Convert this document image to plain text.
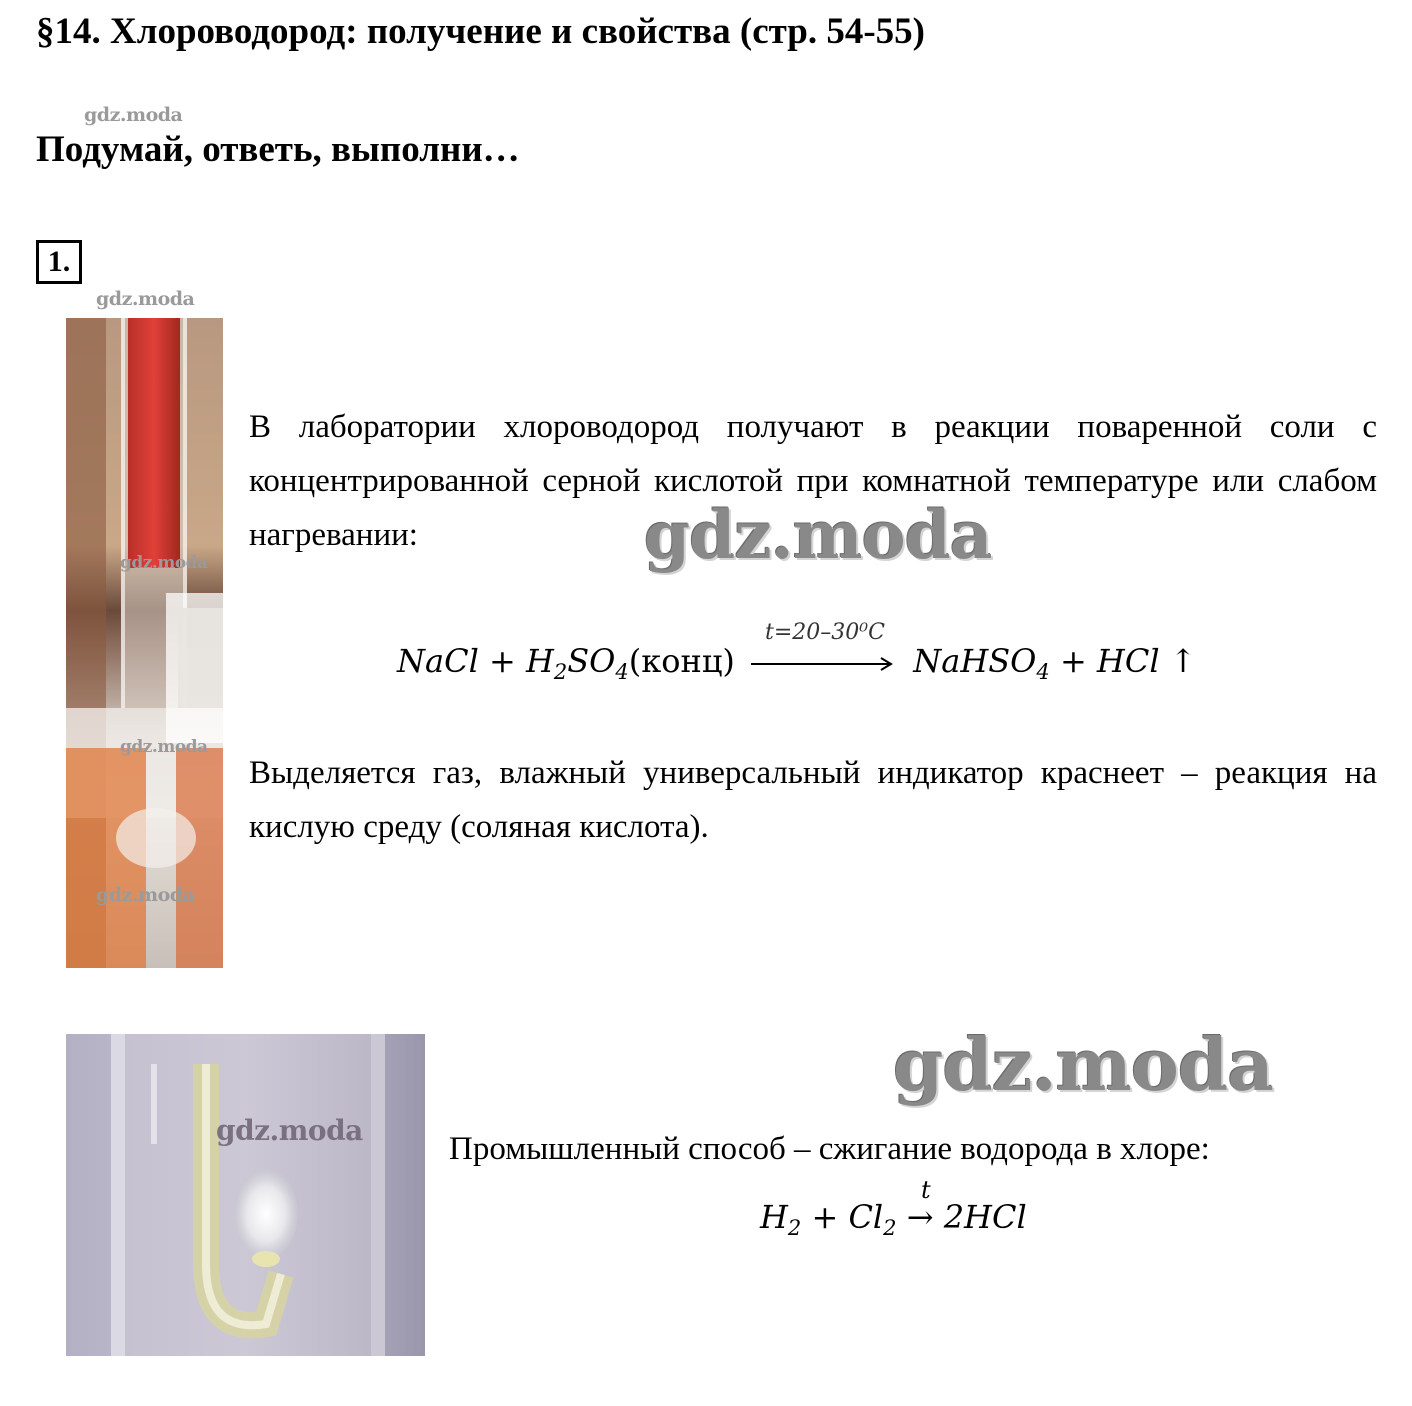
§14. Хлороводород: получение и свойства (стр. 54-55)
gdz.moda
Подумай, ответь, выполни…
1.
gdz.moda
gdz.moda
gdz.moda
gdz.moda
В лаборатории хлороводород получают в реакции поваренной соли с концентрированной серной кислотой при комнатной температуре или слабом нагревании:	gdz.moda
t=20–30⁰C
NaCl + $H_2SO_4(конц)$	NaHSO$_4$ + HCl ↑
Выделяется газ, влажный универсальный индикатор краснеет – реакция на кислую среду (соляная кислота).
gdz.moda
gdz.moda
Промышленный способ – сжигание водорода в хлоре:
t
$H_2 + Cl_2 \to 2HCl$
